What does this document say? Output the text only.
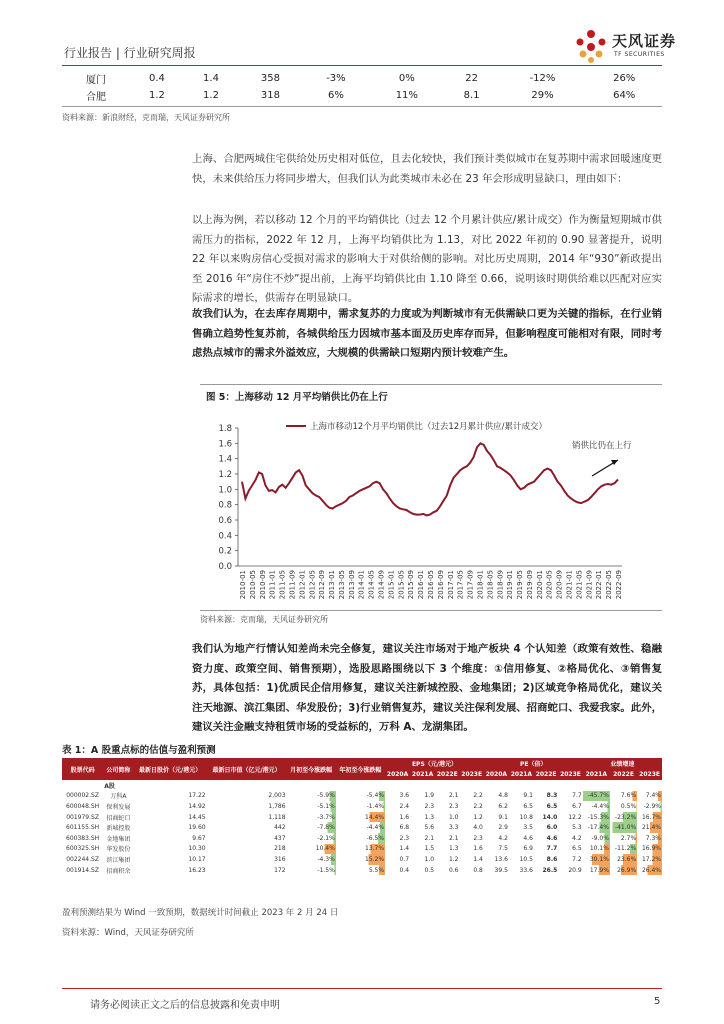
行业报告 | 行业研究周报
天风证券
TF SECURITIES
厦门	0.4	1.4	358	-3%	0%	22	-12%	26%
合肥	1.2	1.2	318	6%	11%	8.1	29%	64%
资料来源：新浪财经，克而瑞，天风证券研究所

上海、合肥两城住宅供给处历史相对低位，且去化较快，我们预计类似城市在复苏期中需求回暖速度更快，未来供给压力将同步增大，但我们认为此类城市未必在 23 年会形成明显缺口，理由如下：

以上海为例，若以移动 12 个月的平均销供比（过去 12 个月累计供应/累计成交）作为衡量短期城市供需压力的指标，2022 年 12 月，上海平均销供比为 1.13，对比 2022 年初的 0.90 显著提升，说明 22 年以来购房信心受损对需求的影响大于对供给侧的影响。对比历史周期，2014 年“930”新政提出至 2016 年“房住不炒”提出前，上海平均销供比由 1.10 降至 0.66，说明该时期供给难以匹配对应实际需求的增长，供需存在明显缺口。

故我们认为，在去库存周期中，需求复苏的力度或为判断城市有无供需缺口更为关键的指标，在行业销售确立趋势性复苏前，各城供给压力因城市基本面及历史库存而异，但影响程度可能相对有限，同时考虑热点城市的需求外溢效应，大规模的供需缺口短期内预计较难产生。

图 5：上海移动 12 月平均销供比仍在上行
0.0
0.2
0.4
0.6
0.8
1.0
1.2
1.4
1.6
1.8
2010-01 2010-05 2010-09 2011-01 2011-05 2011-09 2012-01 2012-05 2012-09 2013-01 2013-05 2013-09 2014-01 2014-05 2014-09 2015-01 2015-05 2015-09 2016-01 2016-05 2016-09 2017-01 2017-05 2017-09 2018-01 2018-05 2018-09 2019-01 2019-05 2019-09 2020-01 2020-05 2020-09 2021-01 2021-05 2021-09 2022-01 2022-05 2022-09
上海市移动12个月平均销供比（过去12月累计供应/累计成交）
销供比仍在上行
资料来源：克而瑞，天风证券研究所

我们认为地产行情认知差尚未完全修复，建议关注市场对于地产板块 4 个认知差（政策有效性、稳融资力度、政策空间、销售预期），选股思路围绕以下 3 个维度：①信用修复、②格局优化、③销售复苏，具体包括：1)优质民企信用修复，建议关注新城控股、金地集团；2)区域竞争格局优化，建议关注天地源、滨江集团、华发股份；3)行业销售复苏，建议关注保利发展、招商蛇口、我爱我家。此外，建议关注金融支持租赁市场的受益标的，万科 A、龙湖集团。

表 1：A 股重点标的估值与盈利预测
股票代码	公司简称	最新日股价（元/港元）	最新日市值（亿元/港元）	月初至今涨跌幅	年初至今涨跌幅	EPS（元/港元）				PE（倍）				业绩增速		
						2020A	2021A	2022E	2023E	2020A	2021A	2022E	2023E	2021A	2022E	2023E
	A股															
000002.SZ	万科A	17.22	2,003	-5.9%	-5.4%	3.6	1.9	2.1	2.2	4.8	9.1	8.3	7.7	-45.7%	7.6%	7.4%
600048.SH	保利发展	14.92	1,786	-5.1%	-1.4%	2.4	2.3	2.3	2.2	6.2	6.5	6.5	6.7	-4.4%	0.5%	-2.9%
001979.SZ	招商蛇口	14.45	1,118	-3.7%	14.4%	1.6	1.3	1.0	1.2	9.1	10.8	14.0	12.2	-15.3%	-23.2%	16.7%
601155.SH	新城控股	19.60	442	-7.8%	-4.4%	6.8	5.6	3.3	4.0	2.9	3.5	6.0	5.3	-17.4%	-41.0%	21.4%
600383.SH	金地集团	9.67	437	-2.1%	-6.5%	2.3	2.1	2.1	2.3	4.2	4.6	4.6	4.2	-9.0%	2.7%	7.3%
600325.SH	华发股份	10.30	218	10.4%	13.7%	1.4	1.5	1.3	1.6	7.5	6.9	7.7	6.5	10.1%	-11.2%	16.9%
002244.SZ	滨江集团	10.17	316	-4.3%	15.2%	0.7	1.0	1.2	1.4	13.6	10.5	8.6	7.2	30.1%	23.6%	17.2%
001914.SZ	招商积余	16.23	172	-1.5%	5.5%	0.4	0.5	0.6	0.8	39.5	33.6	26.5	20.9	17.9%	26.9%	26.4%
盈利预测结果为 Wind 一致预期，数据统计时间截止 2023 年 2 月 24 日
资料来源：Wind，天风证券研究所
请务必阅读正文之后的信息披露和免责申明	5
